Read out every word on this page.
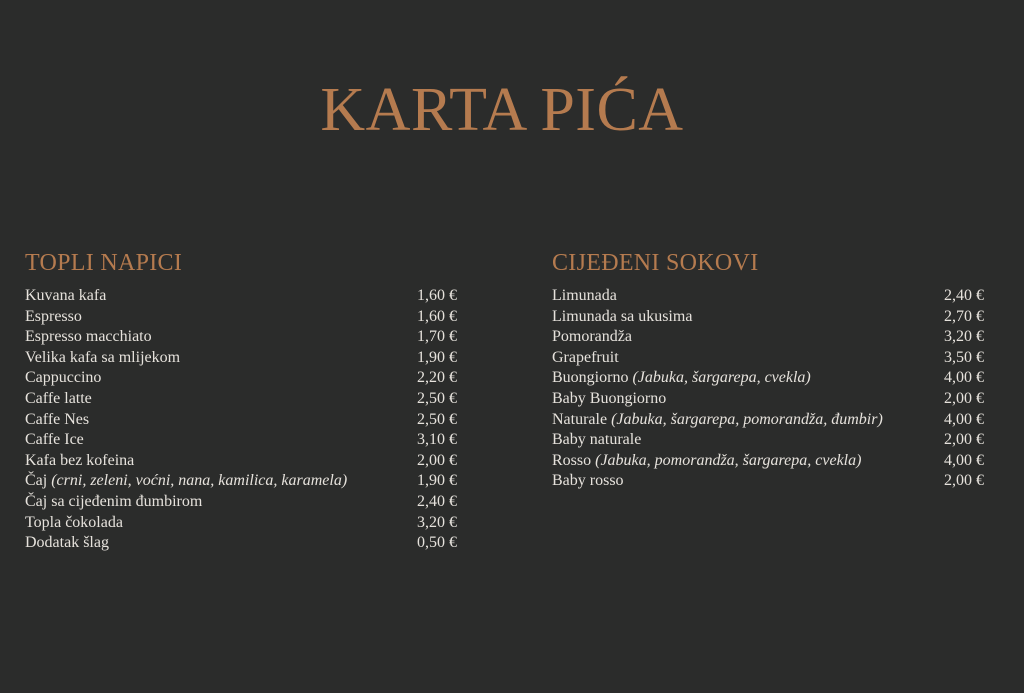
KARTA PIĆA
TOPLI NAPICI
Kuvana kafa	1,60 €
Espresso	1,60 €
Espresso macchiato	1,70 €
Velika kafa sa mlijekom	1,90 €
Cappuccino	2,20 €
Caffe latte	2,50 €
Caffe Nes	2,50 €
Caffe Ice	3,10 €
Kafa bez kofeina	2,00 €
Čaj (crni, zeleni, voćni, nana, kamilica, karamela)	1,90 €
Čaj sa cijeđenim đumbirom	2,40 €
Topla čokolada	3,20 €
Dodatak šlag	0,50 €
CIJEĐENI SOKOVI
Limunada	2,40 €
Limunada sa ukusima	2,70 €
Pomorandža	3,20 €
Grapefruit	3,50 €
Buongiorno (Jabuka, šargarepa, cvekla)	4,00 €
Baby Buongiorno	2,00 €
Naturale (Jabuka, šargarepa, pomorandža, đumbir)	4,00 €
Baby naturale	2,00 €
Rosso (Jabuka, pomorandža, šargarepa, cvekla)	4,00 €
Baby rosso	2,00 €
